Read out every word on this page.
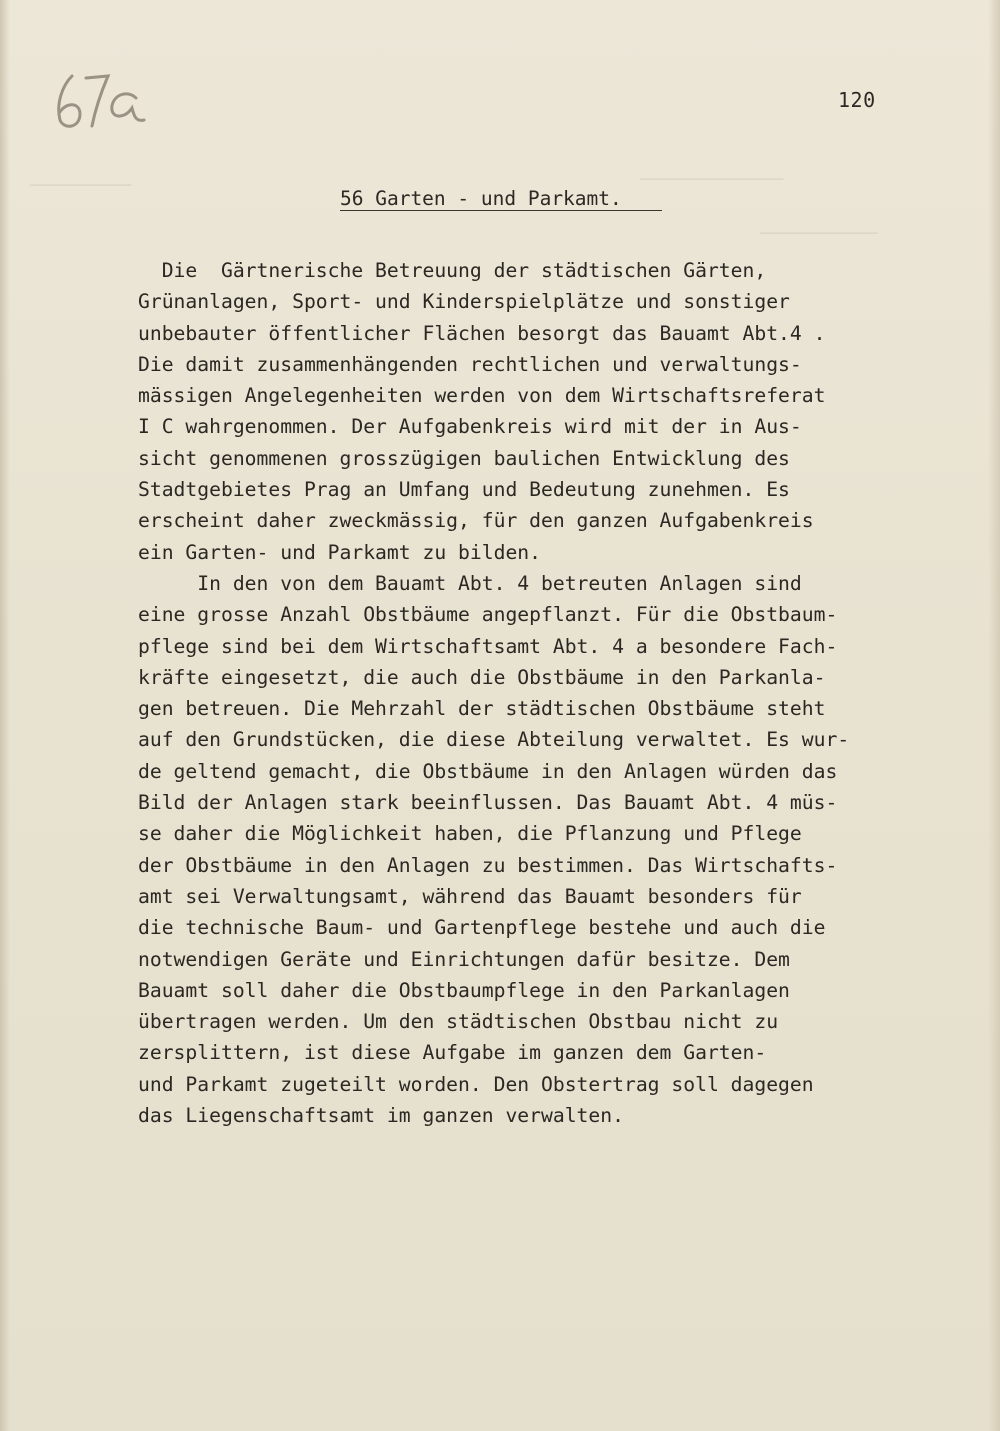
────────────	─────────────────
──────────────
120
56 Garten - und Parkamt.
Die  Gärtnerische Betreuung der städtischen Gärten,
Grünanlagen, Sport- und Kinderspielplätze und sonstiger
unbebauter öffentlicher Flächen besorgt das Bauamt Abt.4 .
Die damit zusammenhängenden rechtlichen und verwaltungs-
mässigen Angelegenheiten werden von dem Wirtschaftsreferat
I C wahrgenommen. Der Aufgabenkreis wird mit der in Aus-
sicht genommenen grosszügigen baulichen Entwicklung des
Stadtgebietes Prag an Umfang und Bedeutung zunehmen. Es
erscheint daher zweckmässig, für den ganzen Aufgabenkreis
ein Garten- und Parkamt zu bilden.
In den von dem Bauamt Abt. 4 betreuten Anlagen sind
eine grosse Anzahl Obstbäume angepflanzt. Für die Obstbaum-
pflege sind bei dem Wirtschaftsamt Abt. 4 a besondere Fach-
kräfte eingesetzt, die auch die Obstbäume in den Parkanla-
gen betreuen. Die Mehrzahl der städtischen Obstbäume steht
auf den Grundstücken, die diese Abteilung verwaltet. Es wur-
de geltend gemacht, die Obstbäume in den Anlagen würden das
Bild der Anlagen stark beeinflussen. Das Bauamt Abt. 4 müs-
se daher die Möglichkeit haben, die Pflanzung und Pflege
der Obstbäume in den Anlagen zu bestimmen. Das Wirtschafts-
amt sei Verwaltungsamt, während das Bauamt besonders für
die technische Baum- und Gartenpflege bestehe und auch die
notwendigen Geräte und Einrichtungen dafür besitze. Dem
Bauamt soll daher die Obstbaumpflege in den Parkanlagen
übertragen werden. Um den städtischen Obstbau nicht zu
zersplittern, ist diese Aufgabe im ganzen dem Garten-
und Parkamt zugeteilt worden. Den Obstertrag soll dagegen
das Liegenschaftsamt im ganzen verwalten.
